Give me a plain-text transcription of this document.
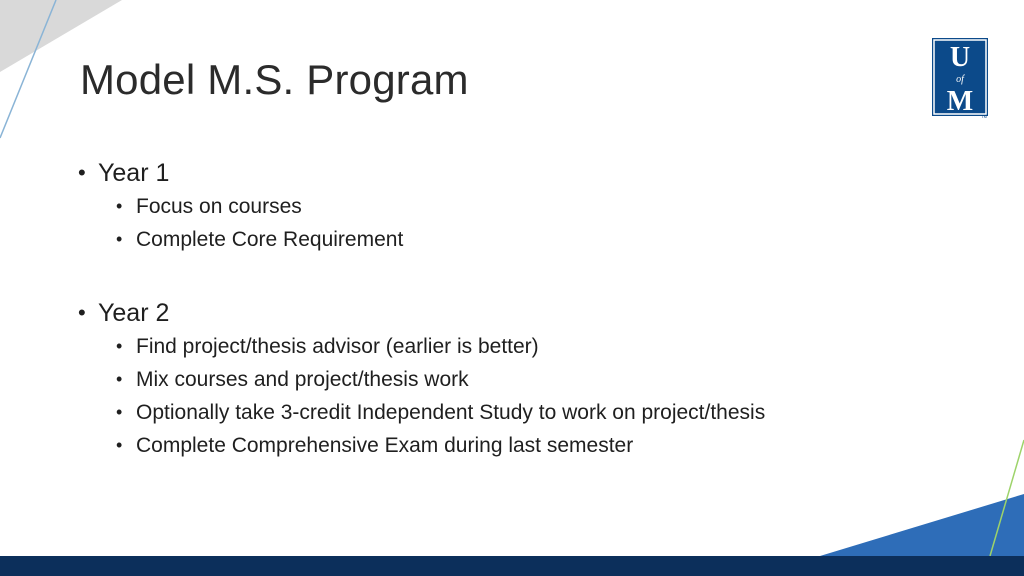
Model M.S. Program	U
of
M TM
• Year 1
• Focus on courses
• Complete Core Requirement
• Year 2
• Find project/thesis advisor (earlier is better)
• Mix courses and project/thesis work
• Optionally take 3-credit Independent Study to work on project/thesis
• Complete Comprehensive Exam during last semester
